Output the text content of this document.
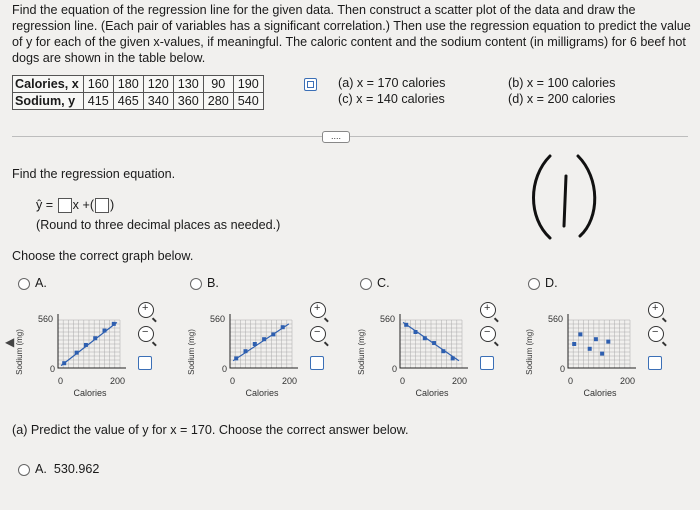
Find the equation of the regression line for the given data. Then construct a scatter plot of the data and draw the regression line. (Each pair of variables has a significant correlation.) Then use the regression equation to predict the value of y for each of the given x-values, if meaningful. The caloric content and the sodium content (in milligrams) for 6 beef hot dogs are shown in the table below.
Calories, x	160	180	120	130	90	190
Sodium, y	415	465	340	360	280	540
(a) x = 170 calories
(c) x = 140 calories
(b) x = 100 calories
(d) x = 200 calories
....
Find the regression equation.
ŷ = x +( )
(Round to three decimal places as needed.)
Choose the correct graph below.
A.
Sodium (mg)
560
0
0	200
Calories
+
−
B.
Sodium (mg)
560
0
0	200
Calories
+
−
C.
Sodium (mg)
560
0
0	200
Calories
+
−
D.
Sodium (mg)
560
0
0	200
Calories
+
−
(a) Predict the value of y for x = 170. Choose the correct answer below.
A. 530.962
◀
